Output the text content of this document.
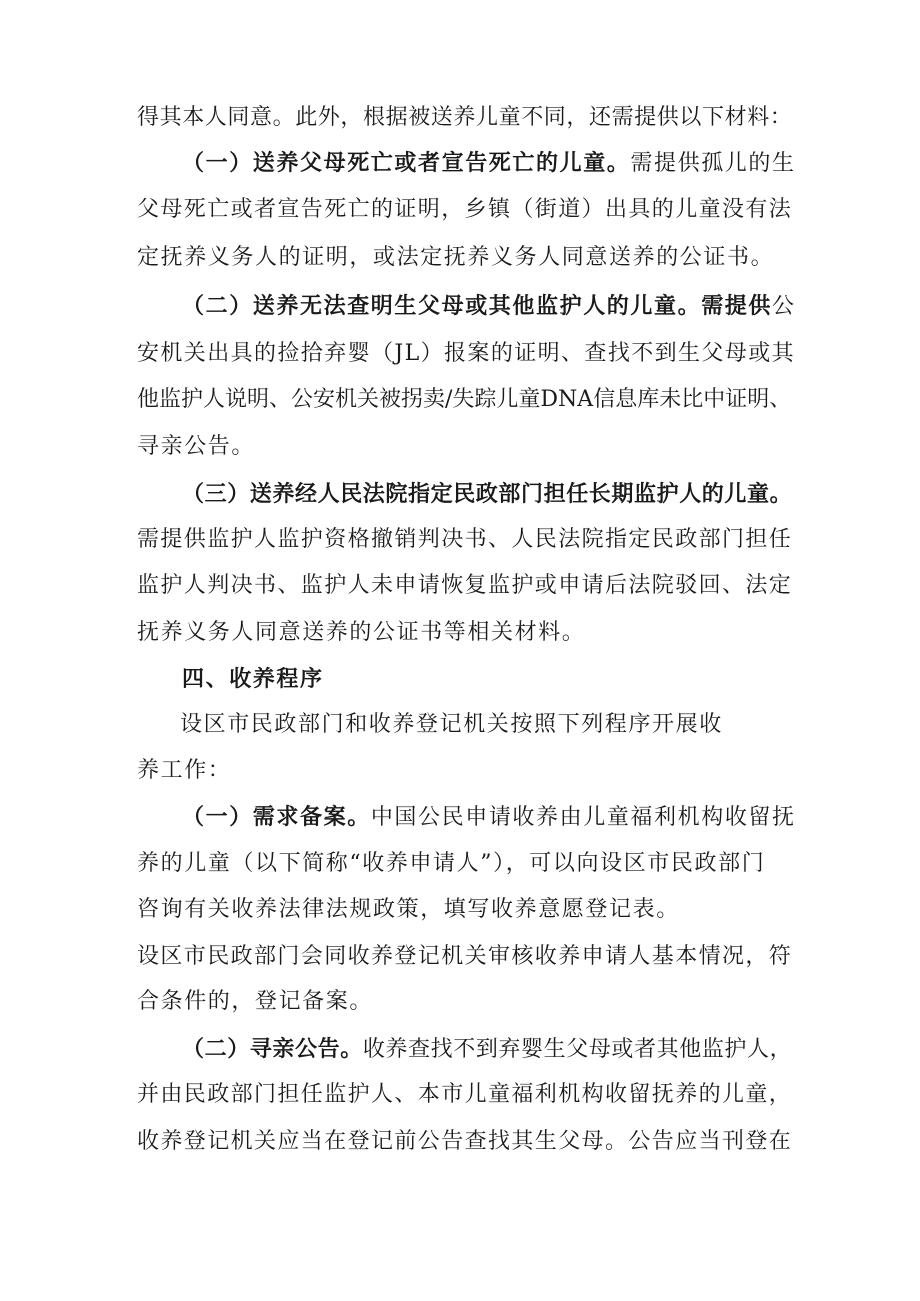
得其本人同意。此外，根据被送养儿童不同，还需提供以下材料：
（一）送养父母死亡或者宣告死亡的儿童。需提供孤儿的生
父母死亡或者宣告死亡的证明，乡镇（街道）出具的儿童没有法
定抚养义务人的证明，或法定抚养义务人同意送养的公证书。
（二）送养无法查明生父母或其他监护人的儿童。需提供公
安机关出具的捡拾弃婴（JL）报案的证明、查找不到生父母或其
他监护人说明、公安机关被拐卖/失踪儿童DNA信息库未比中证明、
寻亲公告。
（三）送养经人民法院指定民政部门担任长期监护人的儿童。
需提供监护人监护资格撤销判决书、人民法院指定民政部门担任
监护人判决书、监护人未申请恢复监护或申请后法院驳回、法定
抚养义务人同意送养的公证书等相关材料。
四、收养程序
设区市民政部门和收养登记机关按照下列程序开展收
养工作：
（一）需求备案。中国公民申请收养由儿童福利机构收留抚
养的儿童（以下简称“收养申请人”），可以向设区市民政部门
咨询有关收养法律法规政策，填写收养意愿登记表。
设区市民政部门会同收养登记机关审核收养申请人基本情况，符
合条件的，登记备案。
（二）寻亲公告。收养查找不到弃婴生父母或者其他监护人，
并由民政部门担任监护人、本市儿童福利机构收留抚养的儿童，
收养登记机关应当在登记前公告查找其生父母。公告应当刊登在
